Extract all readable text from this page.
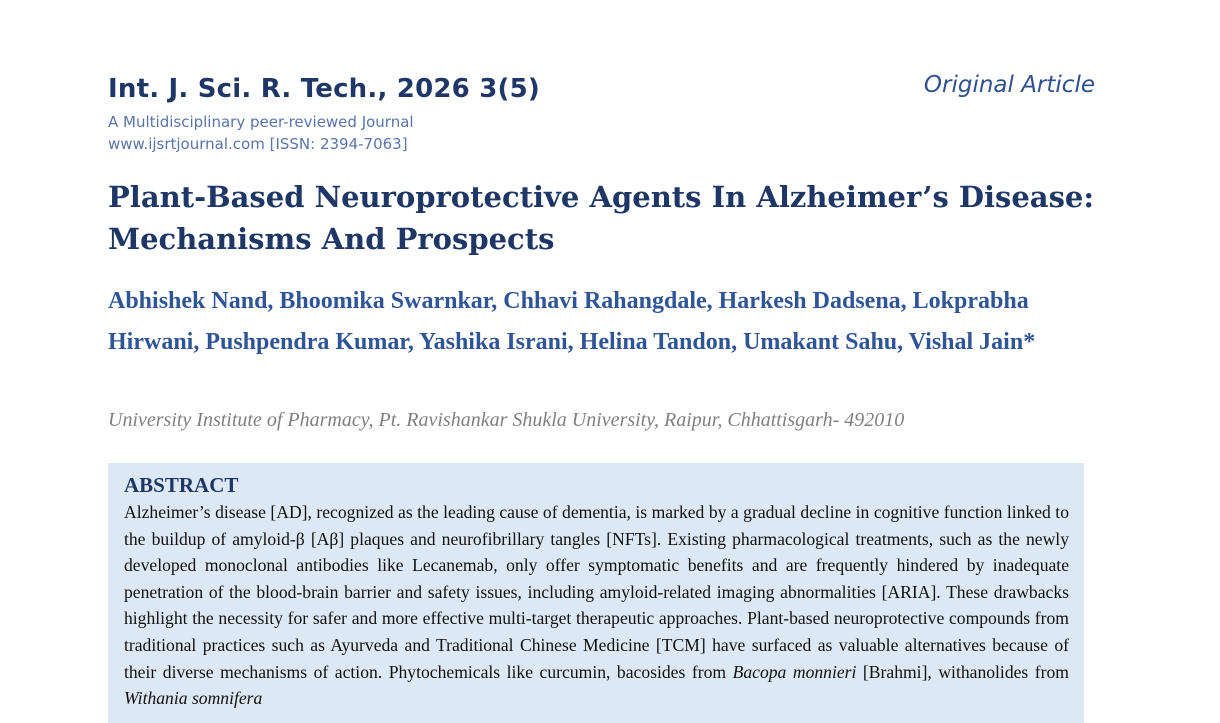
Int. J. Sci. R. Tech., 2026 3(5)	Original Article
A Multidisciplinary peer-reviewed Journal
www.ijsrtjournal.com [ISSN: 2394-7063]
Plant-Based Neuroprotective Agents In Alzheimer’s Disease: Mechanisms And Prospects

Abhishek Nand, Bhoomika Swarnkar, Chhavi Rahangdale, Harkesh Dadsena, Lokprabha Hirwani, Pushpendra Kumar, Yashika Israni, Helina Tandon, Umakant Sahu, Vishal Jain*

University Institute of Pharmacy, Pt. Ravishankar Shukla University, Raipur, Chhattisgarh- 492010

ABSTRACT

Alzheimer’s disease [AD], recognized as the leading cause of dementia, is marked by a gradual decline in cognitive function linked to the buildup of amyloid-β [Aβ] plaques and neurofibrillary tangles [NFTs]. Existing pharmacological treatments, such as the newly developed monoclonal antibodies like Lecanemab, only offer symptomatic benefits and are frequently hindered by inadequate penetration of the blood-brain barrier and safety issues, including amyloid-related imaging abnormalities [ARIA]. These drawbacks highlight the necessity for safer and more effective multi-target therapeutic approaches. Plant-based neuroprotective compounds from traditional practices such as Ayurveda and Traditional Chinese Medicine [TCM] have surfaced as valuable alternatives because of their diverse mechanisms of action. Phytochemicals like curcumin, bacosides from Bacopa monnieri [Brahmi], withanolides from Withania somnifera
